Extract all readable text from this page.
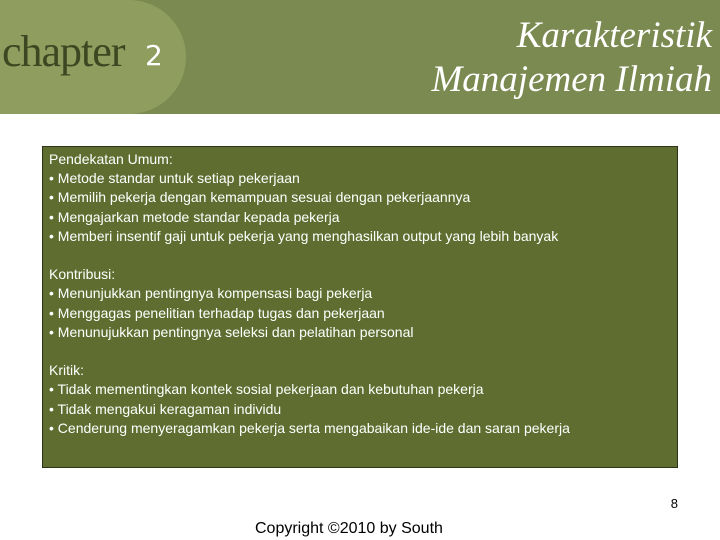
chapter 2	Karakteristik
Manajemen Ilmiah
Pendekatan Umum:
• Metode standar untuk setiap pekerjaan
• Memilih pekerja dengan kemampuan sesuai dengan pekerjaannya
• Mengajarkan metode standar kepada pekerja
• Memberi insentif gaji untuk pekerja yang menghasilkan output yang lebih banyak
Kontribusi:
• Menunjukkan pentingnya kompensasi bagi pekerja
• Menggagas penelitian terhadap tugas dan pekerjaan
• Menunujukkan pentingnya seleksi dan pelatihan personal
Kritik:
• Tidak mementingkan kontek sosial pekerjaan dan kebutuhan pekerja
• Tidak mengakui keragaman individu
• Cenderung menyeragamkan pekerja serta mengabaikan ide-ide dan saran pekerja
8
Copyright ©2010 by South
